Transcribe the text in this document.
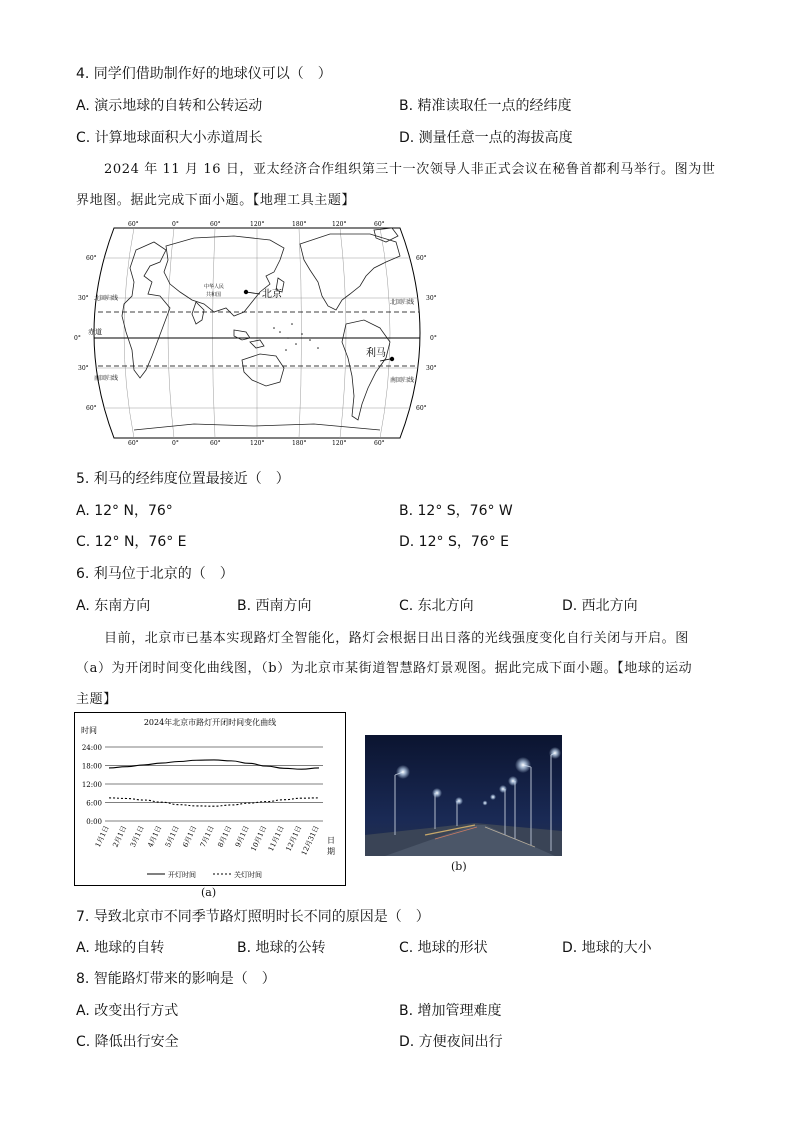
4. 同学们借助制作好的地球仪可以（　）
A. 演示地球的自转和公转运动	B. 精准读取任一点的经纬度
C. 计算地球面积大小赤道周长	D. 测量任意一点的海拔高度
2024 年 11 月 16 日，亚太经济合作组织第三十一次领导人非正式会议在秘鲁首都利马举行。图为世
界地图。据此完成下面小题。【地理工具主题】
北京
中华人民
共和国
利马
赤道
北回归线
北回归线
南回归线	南回归线
60°	0°	60°	120°	180°	120°	60°
60°	0°	60°	120°	180°	120°	60°
60°
30°
0°
30°
60°
60°
30°
0°
30°
60°
5. 利马的经纬度位置最接近（　）
A. 12° N，76°	B. 12° S，76° W
C. 12° N，76° E	D. 12° S，76° E
6. 利马位于北京的（　）
A. 东南方向	B. 西南方向	C. 东北方向	D. 西北方向
目前，北京市已基本实现路灯全智能化，路灯会根据日出日落的光线强度变化自行关闭与开启。图
（a）为开闭时间变化曲线图，（b）为北京市某街道智慧路灯景观图。据此完成下面小题。【地球的运动
主题】
2024年北京市路灯开闭时间变化曲线
时间
日
期
24:00
18:00
12:00
6:00
0:00
1月1日 2月1日 3月1日 4月1日 5月1日 6月1日 7月1日 8月1日 9月1日
10月1日
11月1日
12月1日
12月31日
开灯时间	关灯时间
(a)
(b)
7. 导致北京市不同季节路灯照明时长不同的原因是（　）
A. 地球的自转	B. 地球的公转	C. 地球的形状	D. 地球的大小
8. 智能路灯带来的影响是（　）
A. 改变出行方式	B. 增加管理难度
C. 降低出行安全	D. 方便夜间出行
